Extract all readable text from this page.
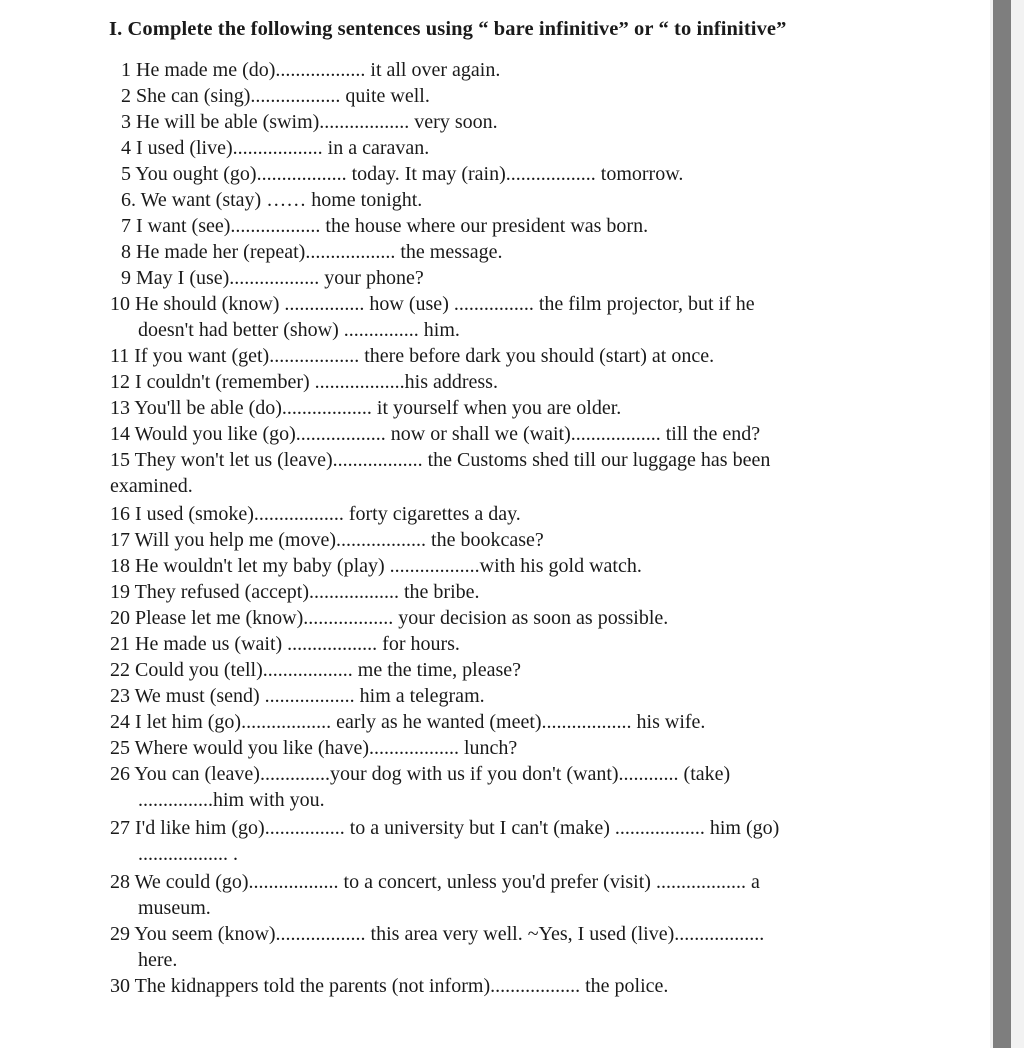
I. Complete the following sentences using “ bare infinitive” or “ to infinitive”
1 He made me (do).................. it all over again.
2 She can (sing).................. quite well.
3 He will be able (swim).................. very soon.
4 I used (live).................. in a caravan.
5 You ought (go).................. today. It may (rain).................. tomorrow.
6. We want (stay) …… home tonight.
7 I want (see).................. the house where our president was born.
8 He made her (repeat).................. the message.
9 May I (use).................. your phone?
10 He should (know) ................ how (use) ................ the film projector, but if he
doesn't had better (show) ............... him.
11 If you want (get).................. there before dark you should (start) at once.
12 I couldn't (remember) ..................his address.
13 You'll be able (do).................. it yourself when you are older.
14 Would you like (go).................. now or shall we (wait).................. till the end?
15 They won't let us (leave).................. the Customs shed till our luggage has been
examined.
16 I used (smoke).................. forty cigarettes a day.
17 Will you help me (move).................. the bookcase?
18 He wouldn't let my baby (play) ..................with his gold watch.
19 They refused (accept).................. the bribe.
20 Please let me (know).................. your decision as soon as possible.
21 He made us (wait) .................. for hours.
22 Could you (tell).................. me the time, please?
23 We must (send) .................. him a telegram.
24 I let him (go).................. early as he wanted (meet).................. his wife.
25 Where would you like (have).................. lunch?
26 You can (leave)..............your dog with us if you don't (want)............ (take)
...............him with you.
27 I'd like him (go)................ to a university but I can't (make) .................. him (go)
.................. .
28 We could (go).................. to a concert, unless you'd prefer (visit) .................. a
museum.
29 You seem (know).................. this area very well. ~Yes, I used (live)..................
here.
30 The kidnappers told the parents (not inform).................. the police.
